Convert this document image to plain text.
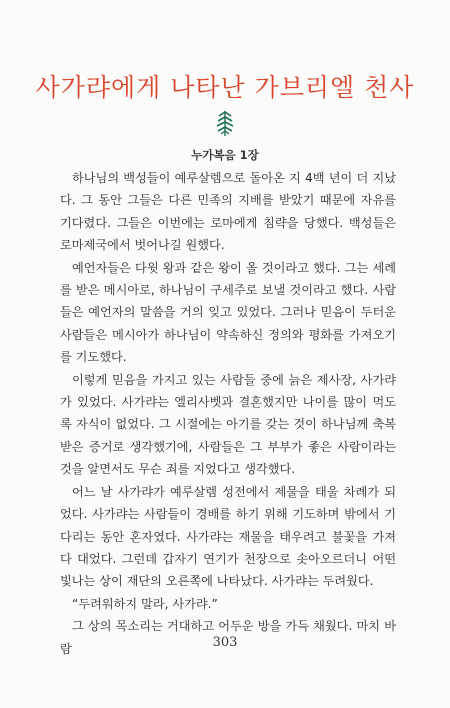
사가랴에게 나타난 가브리엘 천사
누가복음 1장

하나님의 백성들이 예루살렘으로 돌아온 지 4백 년이 더 지났다. 그 동안 그들은 다른 민족의 지배를 받았기 때문에 자유를 기다렸다. 그들은 이번에는 로마에게 침략을 당했다. 백성들은 로마제국에서 벗어나길 원했다.

예언자들은 다윗 왕과 같은 왕이 올 것이라고 했다. 그는 세례를 받은 메시아로, 하나님이 구세주로 보낼 것이라고 했다. 사람들은 예언자의 말씀을 거의 잊고 있었다. 그러나 믿음이 두터운 사람들은 메시아가 하나님이 약속하신 정의와 평화를 가져오기를 기도했다.

이렇게 믿음을 가지고 있는 사람들 중에 늙은 제사장, 사가랴가 있었다. 사가랴는 엘리사벳과 결혼했지만 나이를 많이 먹도록 자식이 없었다. 그 시절에는 아기를 갖는 것이 하나님께 축복 받은 증거로 생각했기에, 사람들은 그 부부가 좋은 사람이라는 것을 알면서도 무슨 죄를 지었다고 생각했다.

어느 날 사가랴가 예루살렘 성전에서 제물을 태울 차례가 되었다. 사가랴는 사람들이 경배를 하기 위해 기도하며 밖에서 기다리는 동안 혼자였다. 사가랴는 재물을 태우려고 불꽃을 가져다 대었다. 그런데 갑자기 연기가 천장으로 솟아오르더니 어떤 빛나는 상이 재단의 오른쪽에 나타났다. 사가랴는 두려웠다.

“두려워하지 말라, 사가랴.”

그 상의 목소리는 거대하고 어두운 방을 가득 채웠다. 마치 바람	303
